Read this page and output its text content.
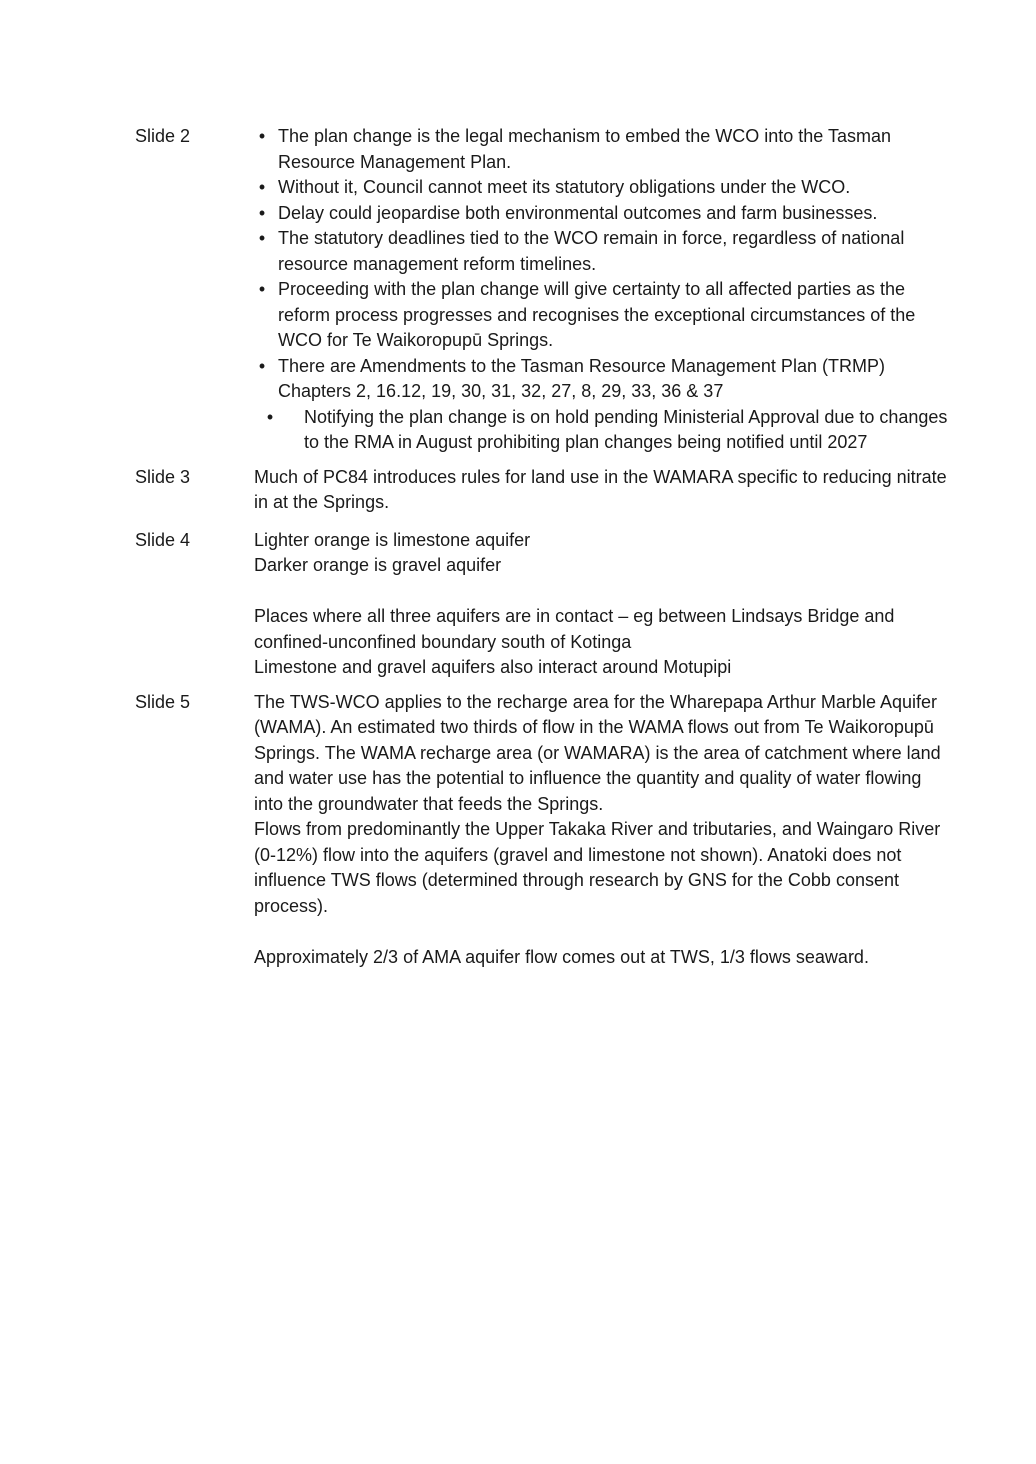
Slide 2	• The plan change is the legal mechanism to embed the WCO into the Tasman Resource Management Plan.
• Without it, Council cannot meet its statutory obligations under the WCO.
• Delay could jeopardise both environmental outcomes and farm businesses.
• The statutory deadlines tied to the WCO remain in force, regardless of national resource management reform timelines.
• Proceeding with the plan change will give certainty to all affected parties as the reform process progresses and recognises the exceptional circumstances of the WCO for Te Waikoropupū Springs.
• There are Amendments to the Tasman Resource Management Plan (TRMP) Chapters 2, 16.12, 19, 30, 31, 32, 27, 8, 29, 33, 36 & 37
• Notifying the plan change is on hold pending Ministerial Approval due to changes to the RMA in August prohibiting plan changes being notified until 2027
Slide 3	Much of PC84 introduces rules for land use in the WAMARA specific to reducing nitrate in at the Springs.

Slide 4	Lighter orange is limestone aquifer

Darker orange is gravel aquifer

Places where all three aquifers are in contact – eg between Lindsays Bridge and confined-unconfined boundary south of Kotinga

Limestone and gravel aquifers also interact around Motupipi

Slide 5	The TWS-WCO applies to the recharge area for the Wharepapa Arthur Marble Aquifer (WAMA). An estimated two thirds of flow in the WAMA flows out from Te Waikoropupū Springs. The WAMA recharge area (or WAMARA) is the area of catchment where land and water use has the potential to influence the quantity and quality of water flowing into the groundwater that feeds the Springs.

Flows from predominantly the Upper Takaka River and tributaries, and Waingaro River (0-12%) flow into the aquifers (gravel and limestone not shown). Anatoki does not influence TWS flows (determined through research by GNS for the Cobb consent process).

Approximately 2/3 of AMA aquifer flow comes out at TWS, 1/3 flows seaward.
